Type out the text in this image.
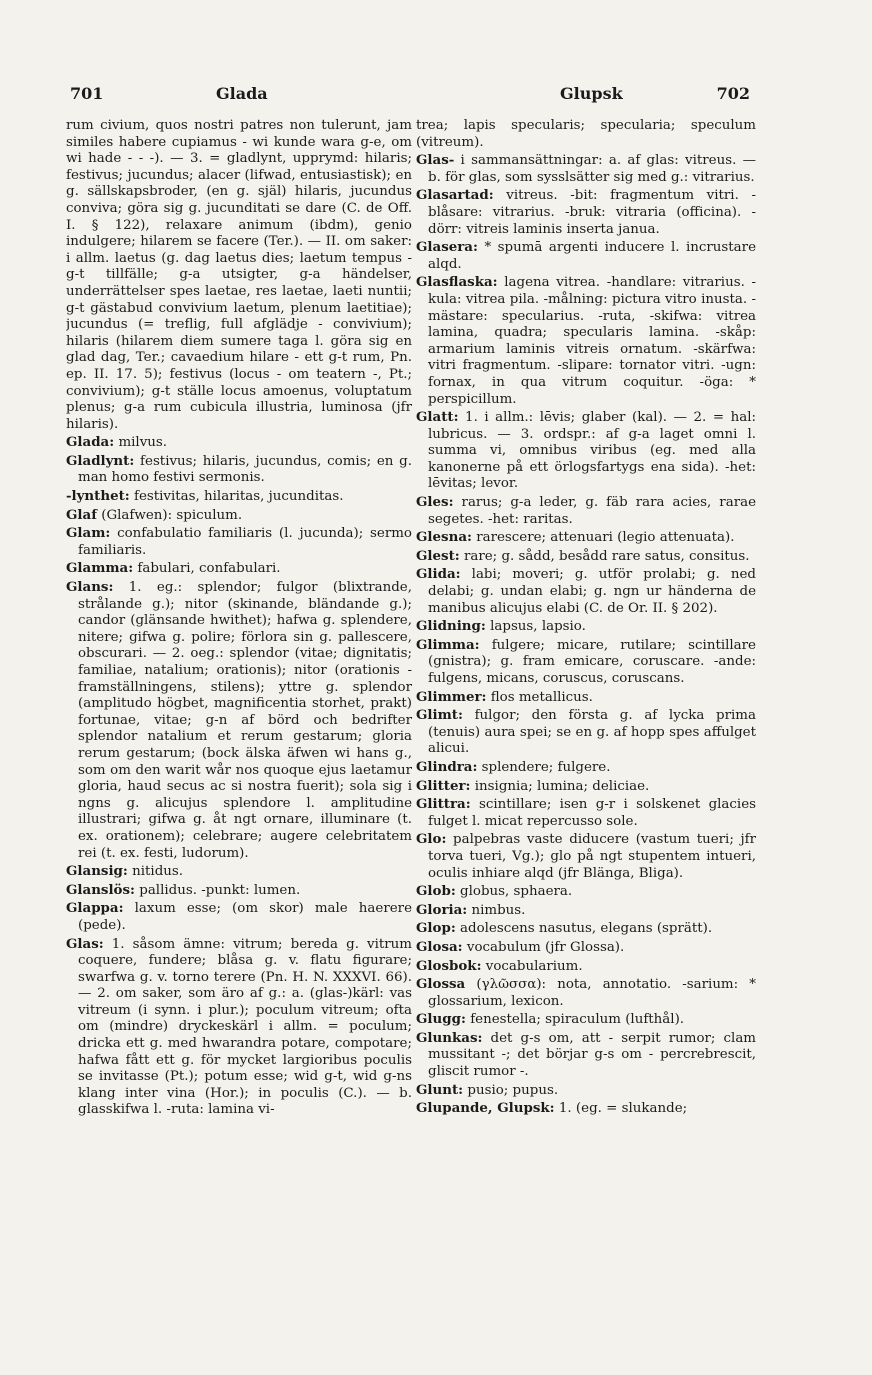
701	Glada	Glupsk	702

rum civium, quos nostri patres non tulerunt, jam similes habere cupiamus - wi kunde wara g-e, om wi hade - - -). — 3. = gladlynt, upprymd: hilaris; festivus; jucundus; alacer (lifwad, entusiastisk); en g. sällskapsbroder, (en g. själ) hilaris, jucundus conviva; göra sig g. jucunditati se dare (C. de Off. I. § 122), relaxare animum (ibdm), genio indulgere; hilarem se facere (Ter.). — II. om saker: i allm. laetus (g. dag laetus dies; laetum tempus - g-t tillfälle; g-a utsigter, g-a händelser, underrättelser spes laetae, res laetae, laeti nuntii; g-t gästabud convivium laetum, plenum laetitiae); jucundus (= treflig, full afglädje - convivium); hilaris (hilarem diem sumere taga l. göra sig en glad dag, Ter.; cavaedium hilare - ett g-t rum, Pn. ep. II. 17. 5); festivus (locus - om teatern -, Pt.; convivium); g-t ställe locus amoenus, voluptatum plenus; g-a rum cubicula illustria, luminosa (jfr hilaris).

Glada: milvus.

Gladlynt: festivus; hilaris, jucundus, comis; en g. man homo festivi sermonis.

-lynthet: festivitas, hilaritas, jucunditas.

Glaf (Glafwen): spiculum.

Glam: confabulatio familiaris (l. jucunda); sermo familiaris.

Glamma: fabulari, confabulari.

Glans: 1. eg.: splendor; fulgor (blixtrande, strålande g.); nitor (skinande, bländande g.); candor (glänsande hwithet); hafwa g. splendere, nitere; gifwa g. polire; förlora sin g. pallescere, obscurari. — 2. oeg.: splendor (vitae; dignitatis; familiae, natalium; orationis); nitor (orationis - framställningens, stilens); yttre g. splendor (amplitudo högbet, magnificentia storhet, prakt) fortunae, vitae; g-n af börd och bedrifter splendor natalium et rerum gestarum; gloria rerum gestarum; (bock älska äfwen wi hans g., som om den warit wår nos quoque ejus laetamur gloria, haud secus ac si nostra fuerit); sola sig i ngns g. alicujus splendore l. amplitudine illustrari; gifwa g. åt ngt ornare, illuminare (t. ex. orationem); celebrare; augere celebritatem rei (t. ex. festi, ludorum).

Glansig: nitidus.

Glanslös: pallidus. -punkt: lumen.

Glappa: laxum esse; (om skor) male haerere (pede).

Glas: 1. såsom ämne: vitrum; bereda g. vitrum coquere, fundere; blåsa g. v. flatu figurare; swarfwa g. v. torno terere (Pn. H. N. XXXVI. 66). — 2. om saker, som äro af g.: a. (glas-)kärl: vas vitreum (i synn. i plur.); poculum vitreum; ofta om (mindre) dryckeskärl i allm. = poculum; dricka ett g. med hwarandra potare, compotare; hafwa fått ett g. för mycket largioribus poculis se invitasse (Pt.); potum esse; wid g-t, wid g-ns klang inter vina (Hor.); in poculis (C.). — b. glasskifwa l. -ruta: lamina vi-

trea; lapis specularis; specularia; speculum (vitreum).

Glas- i sammansättningar: a. af glas: vitreus. — b. för glas, som sysslsätter sig med g.: vitrarius.

Glasartad: vitreus. -bit: fragmentum vitri. -blåsare: vitrarius. -bruk: vitraria (officina). -dörr: vitreis laminis inserta janua.

Glasera: * spumā argenti inducere l. incrustare alqd.

Glasflaska: lagena vitrea. -handlare: vitrarius. -kula: vitrea pila. -målning: pictura vitro inusta. -mästare: specularius. -ruta, -skifwa: vitrea lamina, quadra; specularis lamina. -skåp: armarium laminis vitreis ornatum. -skärfwa: vitri fragmentum. -slipare: tornator vitri. -ugn: fornax, in qua vitrum coquitur. -öga: * perspicillum.

Glatt: 1. i allm.: lēvis; glaber (kal). — 2. = hal: lubricus. — 3. ordspr.: af g-a laget omni l. summa vi, omnibus viribus (eg. med alla kanonerne på ett örlogsfartygs ena sida). -het: lēvitas; levor.

Gles: rarus; g-a leder, g. fäb rara acies, rarae segetes. -het: raritas.

Glesna: rarescere; attenuari (legio attenuata).

Glest: rare; g. sådd, besådd rare satus, consitus.

Glida: labi; moveri; g. utför prolabi; g. ned delabi; g. undan elabi; g. ngn ur händerna de manibus alicujus elabi (C. de Or. II. § 202).

Glidning: lapsus, lapsio.

Glimma: fulgere; micare, rutilare; scintillare (gnistra); g. fram emicare, coruscare. -ande: fulgens, micans, coruscus, coruscans.

Glimmer: flos metallicus.

Glimt: fulgor; den första g. af lycka prima (tenuis) aura spei; se en g. af hopp spes affulget alicui.

Glindra: splendere; fulgere.

Glitter: insignia; lumina; deliciae.

Glittra: scintillare; isen g-r i solskenet glacies fulget l. micat repercusso sole.

Glo: palpebras vaste diducere (vastum tueri; jfr torva tueri, Vg.); glo på ngt stupentem intueri, oculis inhiare alqd (jfr Blänga, Bliga).

Glob: globus, sphaera.

Gloria: nimbus.

Glop: adolescens nasutus, elegans (sprätt).

Glosa: vocabulum (jfr Glossa).

Glosbok: vocabularium.

Glossa (γλῶσσα): nota, annotatio. -sarium: * glossarium, lexicon.

Glugg: fenestella; spiraculum (lufthål).

Glunkas: det g-s om, att - serpit rumor; clam mussitant -; det börjar g-s om - percrebrescit, gliscit rumor -.

Glunt: pusio; pupus.

Glupande, Glupsk: 1. (eg. = slukande;
